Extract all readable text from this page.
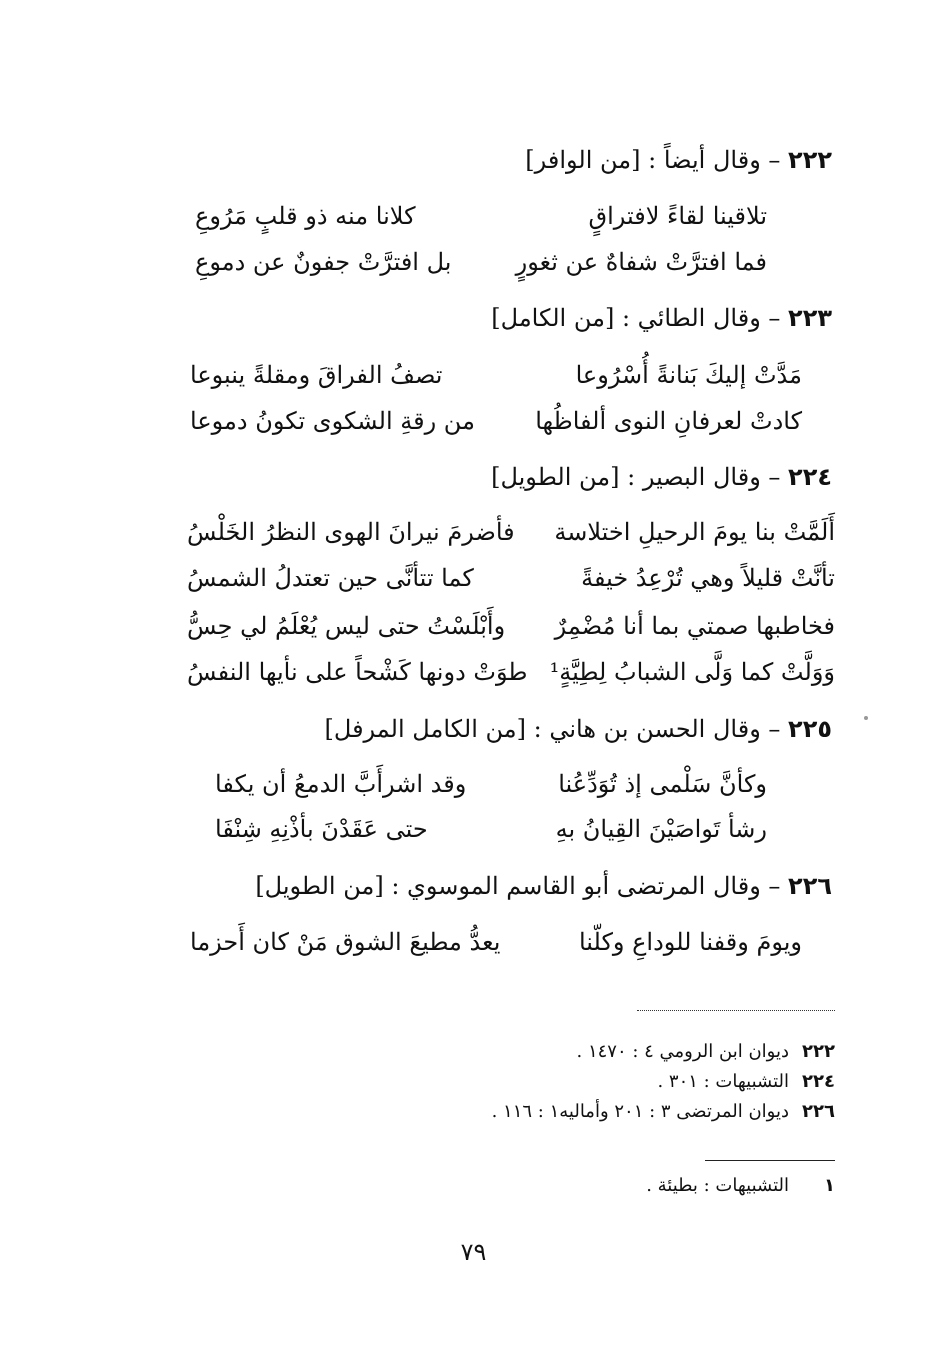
٢٢٢ – وقال أيضاً : [من الوافر]
تلاقينا لقاءً لافتراقٍ
كلانا منه ذو قلبٍ مَرُوعِ
فما افترَّتْ شفاهٌ عن ثغورٍ
بل افترَّتْ جفونٌ عن دموعِ
٢٢٣ – وقال الطائي : [من الكامل]
مَدَّتْ إليكَ بَنانةً أُسْرُوعا
تصفُ الفراقَ ومقلةً ينبوعا
كادتْ لعرفانِ النوى ألفاظُها
من رقةِ الشكوى تكونُ دموعا
٢٢٤ – وقال البصير : [من الطويل]
أَلَمَّتْ بنا يومَ الرحيلِ اختلاسة
فأضرمَ نيرانَ الهوى النظرُ الخَلْسُ
تأنَّتْ قليلاً وهي تُرْعِدُ خيفةً
كما تتأنَّى حين تعتدلُ الشمسُ
فخاطبها صمتي بما أنا مُضْمِرٌ
وأَبْلَسْتُ حتى ليس يُعْلَمُ لي حِسُّ
وَوَلَّتْ كما وَلَّى الشبابُ لِطِيَّةٍ¹
طوَتْ دونها كَشْحاً على نأيها النفسُ
٢٢٥ – وقال الحسن بن هاني : [من الكامل المرفل]
وكأنَّ سَلْمى إذ تُوَدِّعُنا
وقد اشرأَبَّ الدمعُ أن يكفا
رشأ تَواصَيْنَ القِيانُ بهِ
حتى عَقَدْنَ بأذْنِهِ شِنْفَا
٢٢٦ – وقال المرتضى أبو القاسم الموسوي : [من الطويل]
ويومَ وقفنا للوداعِ وكلّنا
يعدُّ مطيعَ الشوق مَنْ كان أَحزما
٢٢٢ديوان ابن الرومي ٤ : ١٤٧٠ .
٢٢٤التشبيهات : ٣٠١ .
٢٢٦ديوان المرتضى ٣ : ٢٠١ وأماليه١ : ١١٦ .
١التشبيهات : بطيئة .
٧٩
